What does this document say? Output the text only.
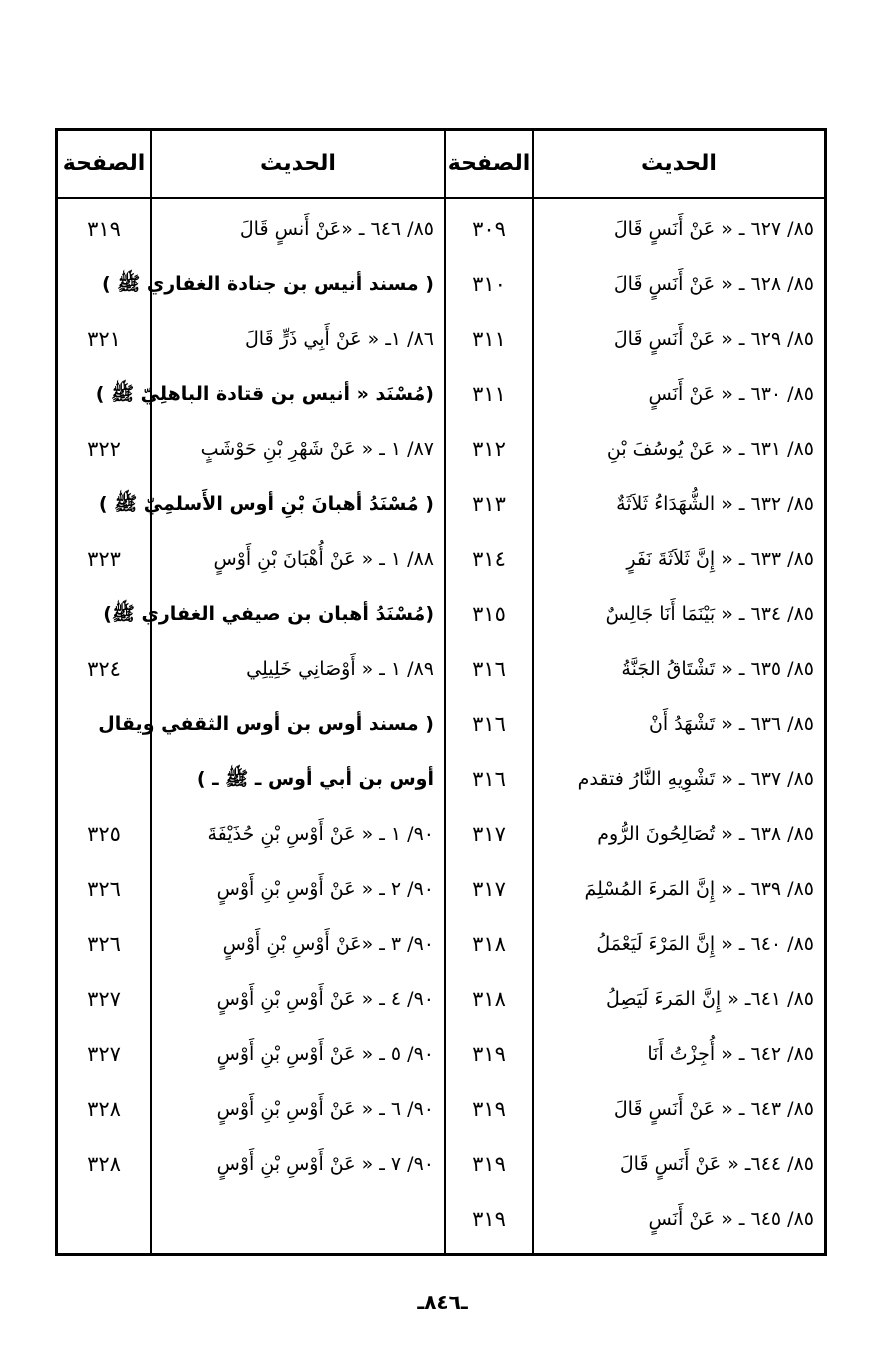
الحديث
الصفحة
الحديث
الصفحة
٨٥/ ٦٢٧ ـ « عَنْ أَنَسٍ قَالَ
٣٠٩
٨٥/ ٦٢٨ ـ « عَنْ أَنَسٍ قَالَ
٣١٠
٨٥/ ٦٢٩ ـ « عَنْ أَنَسٍ قَالَ
٣١١
٨٥/ ٦٣٠ ـ « عَنْ أَنَسٍ
٣١١
٨٥/ ٦٣١ ـ « عَنْ يُوسُفَ بْنِ
٣١٢
٨٥/ ٦٣٢ ـ « الشُّهَدَاءُ ثَلاَثَةٌ
٣١٣
٨٥/ ٦٣٣ ـ « إِنَّ ثَلاَثَةَ نَفَرٍ
٣١٤
٨٥/ ٦٣٤ ـ « بَيْنَمَا أَنَا جَالِسٌ
٣١٥
٨٥/ ٦٣٥ ـ « تَشْتَاقُ الجَنَّةُ
٣١٦
٨٥/ ٦٣٦ ـ « تَشْهَدُ أَنْ
٣١٦
٨٥/ ٦٣٧ ـ « تَشْوِيهِ النَّارُ فتقدم
٣١٦
٨٥/ ٦٣٨ ـ « تُصَالِحُونَ الرُّوم
٣١٧
٨٥/ ٦٣٩ ـ « إِنَّ المَرءَ المُسْلِمَ
٣١٧
٨٥/ ٦٤٠ ـ « إِنَّ المَرْءَ لَيَعْمَلُ
٣١٨
٨٥/ ٦٤١ـ « إِنَّ المَرءَ لَيَصِلُ
٣١٨
٨٥/ ٦٤٢ ـ « أُجِزْتُ أَنَا
٣١٩
٨٥/ ٦٤٣ ـ « عَنْ أَنَسٍ قَالَ
٣١٩
٨٥/ ٦٤٤ـ « عَنْ أَنَسٍ قَالَ
٣١٩
٨٥/ ٦٤٥ ـ « عَنْ أَنَسٍ
٣١٩
٨٥/ ٦٤٦ ـ «عَنْ أَنسٍ قَالَ
٣١٩
( مسند أنيس بن جنادة الغفاري ﷺ )
٨٦/ ١ـ « عَنْ أَبِي ذَرٍّ قَالَ
٣٢١
(مُسْنَد « أنيس بن قتادة الباهلِيّ ﷺ )
٨٧/ ١ ـ « عَنْ شَهْرِ بْنِ حَوْشَبٍ
٣٢٢
( مُسْنَدُ أهبانَ بْنِ أوس الأَسلمِيّ ﷺ )
٨٨/ ١ ـ « عَنْ أُهْبَانَ بْنِ أَوْسٍ
٣٢٣
(مُسْنَدُ أهبان بن صيفي الغفاري ﷺ)
٨٩/ ١ ـ « أَوْصَانِي خَلِيلِي
٣٢٤
( مسند أوس بن أوس الثقفي ويقال
أوس بن أبي أوس ـ ﷺ ـ )
٩٠/ ١ ـ « عَنْ أَوْسِ بْنِ حُذَيْفَةَ
٣٢٥
٩٠/ ٢ ـ « عَنْ أَوْسِ بْنِ أَوْسٍ
٣٢٦
٩٠/ ٣ ـ «عَنْ أَوْسِ بْنِ أَوْسٍ
٣٢٦
٩٠/ ٤ ـ « عَنْ أَوْسِ بْنِ أَوْسٍ
٣٢٧
٩٠/ ٥ ـ « عَنْ أَوْسِ بْنِ أَوْسٍ
٣٢٧
٩٠/ ٦ ـ « عَنْ أَوْسِ بْنِ أَوْسٍ
٣٢٨
٩٠/ ٧ ـ « عَنْ أَوْسِ بْنِ أَوْسٍ
٣٢٨
ـ٨٤٦ـ
